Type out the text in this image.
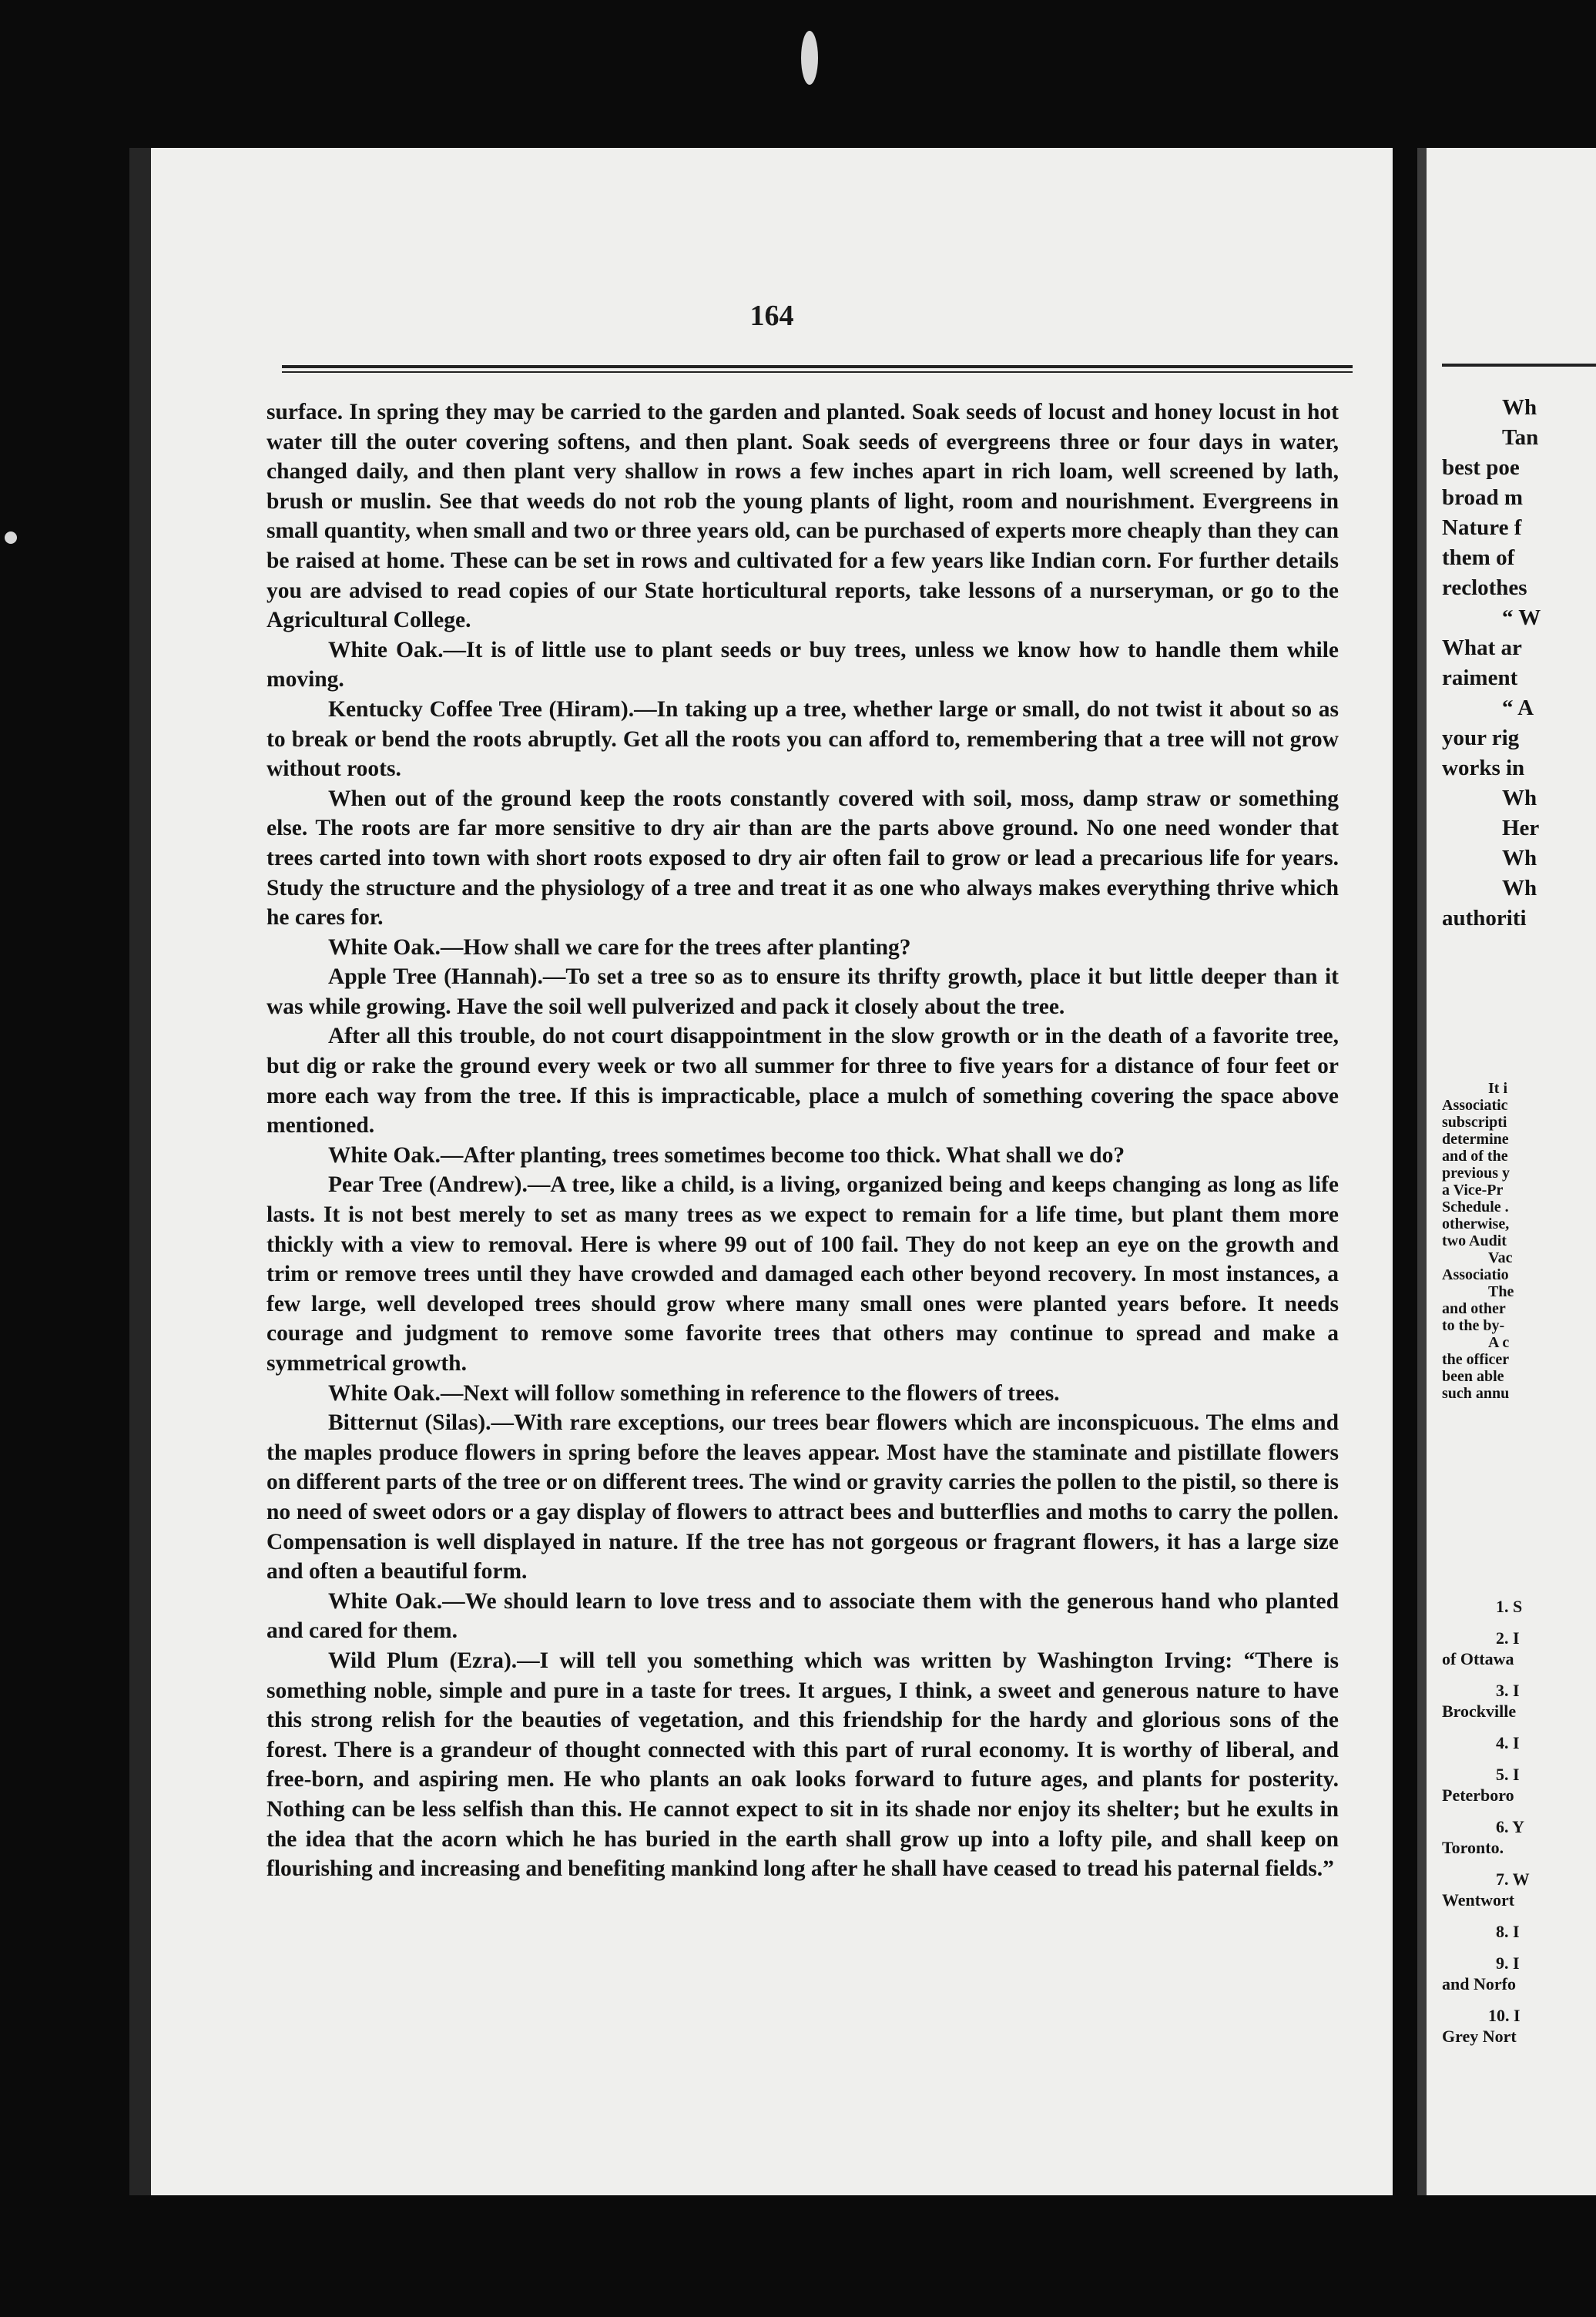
164

surface. In spring they may be carried to the garden and planted. Soak seeds of locust and honey locust in hot water till the outer covering softens, and then plant. Soak seeds of evergreens three or four days in water, changed daily, and then plant very shallow in rows a few inches apart in rich loam, well screened by lath, brush or muslin. See that weeds do not rob the young plants of light, room and nourishment. Evergreens in small quantity, when small and two or three years old, can be purchased of experts more cheaply than they can be raised at home. These can be set in rows and cultivated for a few years like Indian corn. For further details you are advised to read copies of our State horticultural reports, take lessons of a nurseryman, or go to the Agricultural College.

White Oak.—It is of little use to plant seeds or buy trees, unless we know how to handle them while moving.

Kentucky Coffee Tree (Hiram).—In taking up a tree, whether large or small, do not twist it about so as to break or bend the roots abruptly. Get all the roots you can afford to, remembering that a tree will not grow without roots.

When out of the ground keep the roots constantly covered with soil, moss, damp straw or something else. The roots are far more sensitive to dry air than are the parts above ground. No one need wonder that trees carted into town with short roots exposed to dry air often fail to grow or lead a precarious life for years. Study the structure and the physiology of a tree and treat it as one who always makes everything thrive which he cares for.

White Oak.—How shall we care for the trees after planting?

Apple Tree (Hannah).—To set a tree so as to ensure its thrifty growth, place it but little deeper than it was while growing. Have the soil well pulverized and pack it closely about the tree.

After all this trouble, do not court disappointment in the slow growth or in the death of a favorite tree, but dig or rake the ground every week or two all summer for three to five years for a distance of four feet or more each way from the tree. If this is impracticable, place a mulch of something covering the space above mentioned.

White Oak.—After planting, trees sometimes become too thick. What shall we do?

Pear Tree (Andrew).—A tree, like a child, is a living, organized being and keeps changing as long as life lasts. It is not best merely to set as many trees as we expect to remain for a life time, but plant them more thickly with a view to removal. Here is where 99 out of 100 fail. They do not keep an eye on the growth and trim or remove trees until they have crowded and damaged each other beyond recovery. In most instances, a few large, well developed trees should grow where many small ones were planted years before. It needs courage and judgment to remove some favorite trees that others may continue to spread and make a symmetrical growth.

White Oak.—Next will follow something in reference to the flowers of trees.

Bitternut (Silas).—With rare exceptions, our trees bear flowers which are inconspicuous. The elms and the maples produce flowers in spring before the leaves appear. Most have the staminate and pistillate flowers on different parts of the tree or on different trees. The wind or gravity carries the pollen to the pistil, so there is no need of sweet odors or a gay display of flowers to attract bees and butterflies and moths to carry the pollen. Compensation is well displayed in nature. If the tree has not gorgeous or fragrant flowers, it has a large size and often a beautiful form.

White Oak.—We should learn to love tress and to associate them with the generous hand who planted and cared for them.

Wild Plum (Ezra).—I will tell you something which was written by Washington Irving: “There is something noble, simple and pure in a taste for trees. It argues, I think, a sweet and generous nature to have this strong relish for the beauties of vegetation, and this friendship for the hardy and glorious sons of the forest. There is a grandeur of thought connected with this part of rural economy. It is worthy of liberal, and free-born, and aspiring men. He who plants an oak looks forward to future ages, and plants for posterity. Nothing can be less selfish than this. He cannot expect to sit in its shade nor enjoy its shelter; but he exults in the idea that the acorn which he has buried in the earth shall grow up into a lofty pile, and shall keep on flourishing and increasing and benefiting mankind long after he shall have ceased to tread his paternal fields.”

Wh
Tan
best poe
broad m
Nature f
them of
reclothes
“ W
What ar
raiment
“ A
your rig
works in
Wh
Her
Wh
Wh
authoriti
It i
Associatic
subscripti
determine
and of the
previous y
a Vice-Pr
Schedule .
otherwise,
two Audit
Vac
Associatio
The
and other
to the by-
A c
the officer
been able
such annu
1. S
2. I
of Ottawa
3. I
Brockville
4. I
5. I
Peterboro
6. Y
Toronto.
7. W
Wentwort
8. I
9. I
and Norfo
10. I
Grey Nort
